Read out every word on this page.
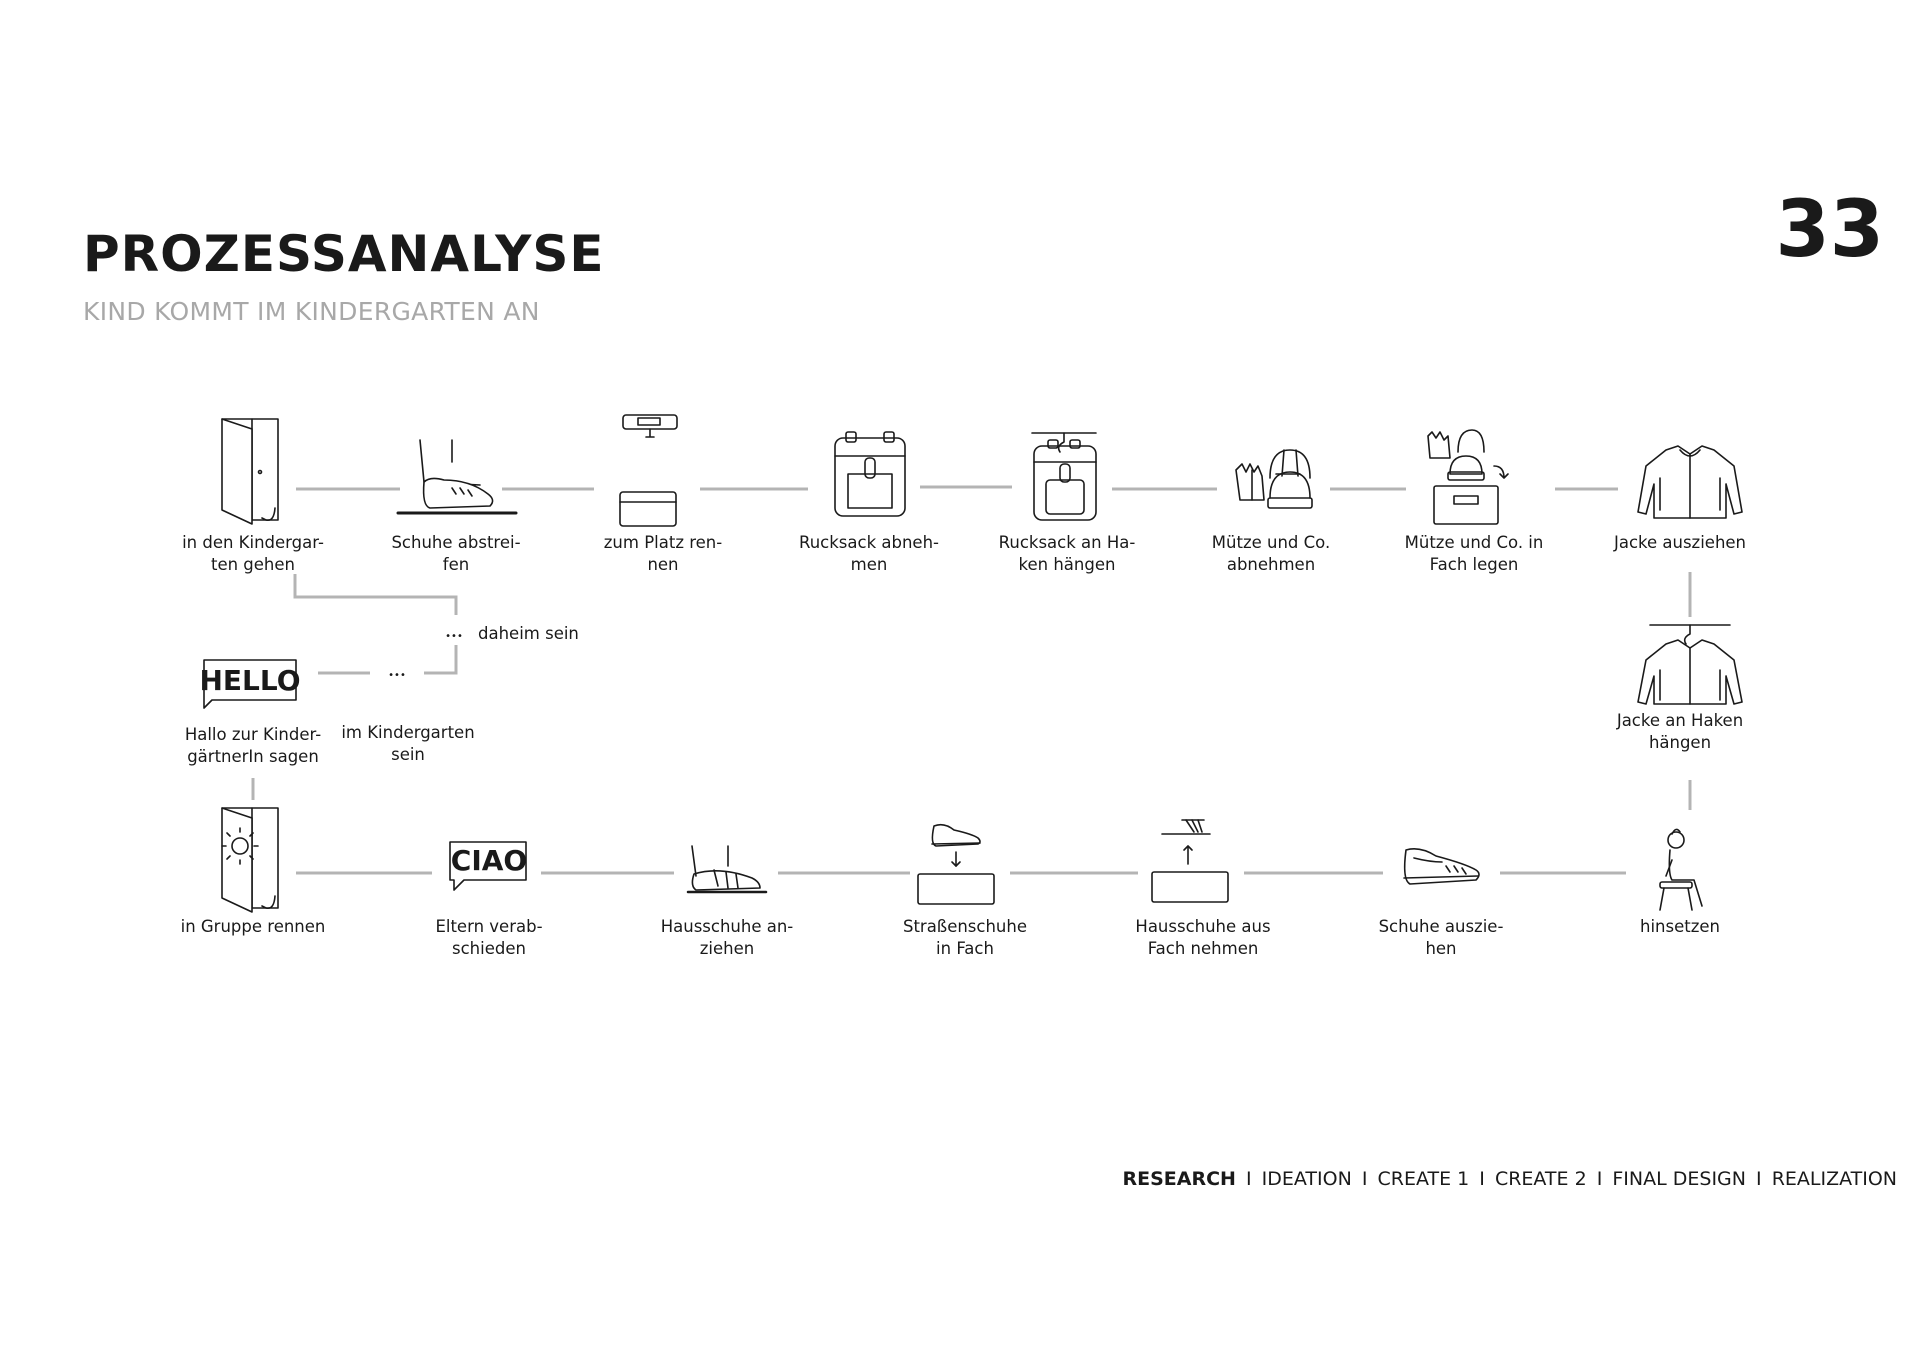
PROZESSANALYSE
KIND KOMMT IM KINDERGARTEN AN
33
HELLO
CIAO
•••
•••
in den Kindergar-
ten gehen
Schuhe abstrei-
fen
zum Platz ren-
nen
Rucksack abneh-
men
Rucksack an Ha-
ken hängen
Mütze und Co.
abnehmen
Mütze und Co. in
Fach legen
Jacke ausziehen
Jacke an Haken
hängen
hinsetzen
Schuhe auszie-
hen
Hausschuhe aus
Fach nehmen
Straßenschuhe
in Fach
Hausschuhe an-
ziehen
Eltern verab-
schieden
in Gruppe rennen
Hallo zur Kinder-
gärtnerIn sagen
im Kindergarten
sein
daheim sein
RESEARCH I IDEATION I CREATE 1 I CREATE 2 I FINAL DESIGN I REALIZATION
